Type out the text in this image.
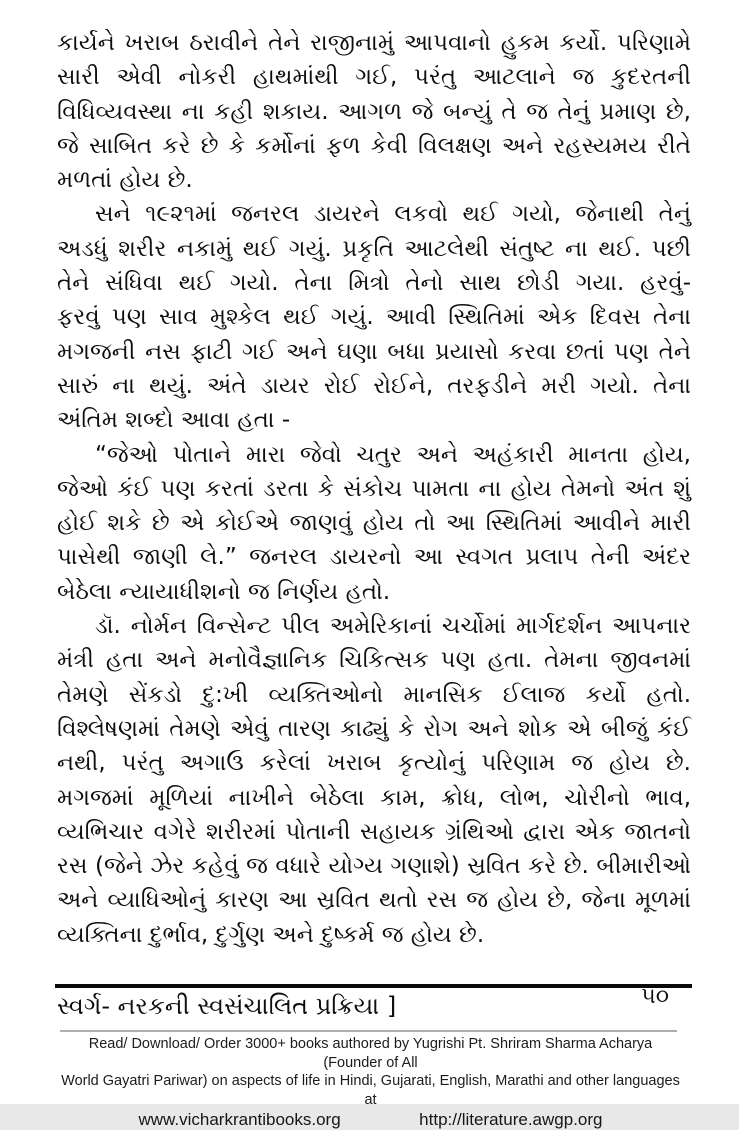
કાર્યને ખરાબ ઠરાવીને તેને રાજીનામું આપવાનો હુકમ કર્યો. પરિણામે
સારી એવી નોકરી હાથમાંથી ગઈ, પરંતુ આટલાને જ કુદરતની
વિધિવ્યવસ્થા ના કહી શકાય. આગળ જે બન્યું તે જ તેનું પ્રમાણ છે,
જે સાબિત કરે છે કે કર્મોનાં ફળ કેવી વિલક્ષણ અને રહસ્યમય રીતે
મળતાં હોય છે.
સને ૧૯૨૧માં જનરલ ડાયરને લકવો થઈ ગયો, જેનાથી તેનું
અડધું શરીર નકામું થઈ ગયું. પ્રકૃતિ આટલેથી સંતુષ્ટ ના થઈ. પછી
તેને સંધિવા થઈ ગયો. તેના મિત્રો તેનો સાથ છોડી ગયા. હરવું-
ફરવું પણ સાવ મુશ્કેલ થઈ ગયું. આવી સ્થિતિમાં એક દિવસ તેના
મગજની નસ ફાટી ગઈ અને ઘણા બધા પ્રયાસો કરવા છતાં પણ તેને
સારું ના થયું. અંતે ડાયર રોઈ રોઈને, તરફડીને મરી ગયો. તેના
અંતિમ શબ્દો આવા હતા -
“જેઓ પોતાને મારા જેવો ચતુર અને અહંકારી માનતા હોય,
જેઓ કંઈ પણ કરતાં ડરતા કે સંકોચ પામતા ના હોય તેમનો અંત શું
હોઈ શકે છે એ કોઈએ જાણવું હોય તો આ સ્થિતિમાં આવીને મારી
પાસેથી જાણી લે.” જનરલ ડાયરનો આ સ્વગત પ્રલાપ તેની અંદર
બેઠેલા ન્યાયાધીશનો જ નિર્ણય હતો.
ડૉ. નોર્મન વિન્સેન્ટ પીલ અમેરિકાનાં ચર્ચોમાં માર્ગદર્શન આપનાર
મંત્રી હતા અને મનોવૈજ્ઞાનિક ચિકિત્સક પણ હતા. તેમના જીવનમાં
તેમણે સેંકડો દુ:ખી વ્યક્તિઓનો માનસિક ઈલાજ કર્યો હતો.
વિશ્લેષણમાં તેમણે એવું તારણ કાઢ્યું કે રોગ અને શોક એ બીજું કંઈ
નથી, પરંતુ અગાઉ કરેલાં ખરાબ કૃત્યોનું પરિણામ જ હોય છે.
મગજમાં મૂળિયાં નાખીને બેઠેલા કામ, ક્રોધ, લોભ, ચોરીનો ભાવ,
વ્યભિચાર વગેરે શરીરમાં પોતાની સહાયક ગ્રંથિઓ દ્વારા એક જાતનો
રસ (જેને ઝેર કહેવું જ વધારે યોગ્ય ગણાશે) સ્રવિત કરે છે. બીમારીઓ
અને વ્યાધિઓનું કારણ આ સ્રવિત થતો રસ જ હોય છે, જેના મૂળમાં
વ્યક્તિના દુર્ભાવ, દુર્ગુણ અને દુષ્કર્મ જ હોય છે.
સ્વર્ગ- નરકની સ્વસંચાલિત પ્રક્રિયા ]	૫૦
Read/ Download/ Order 3000+ books authored by Yugrishi Pt. Shriram Sharma Acharya (Founder of All
World Gayatri Pariwar) on aspects of life in Hindi, Gujarati, English, Marathi and other languages at
www.vicharkrantibooks.org	http://literature.awgp.org
